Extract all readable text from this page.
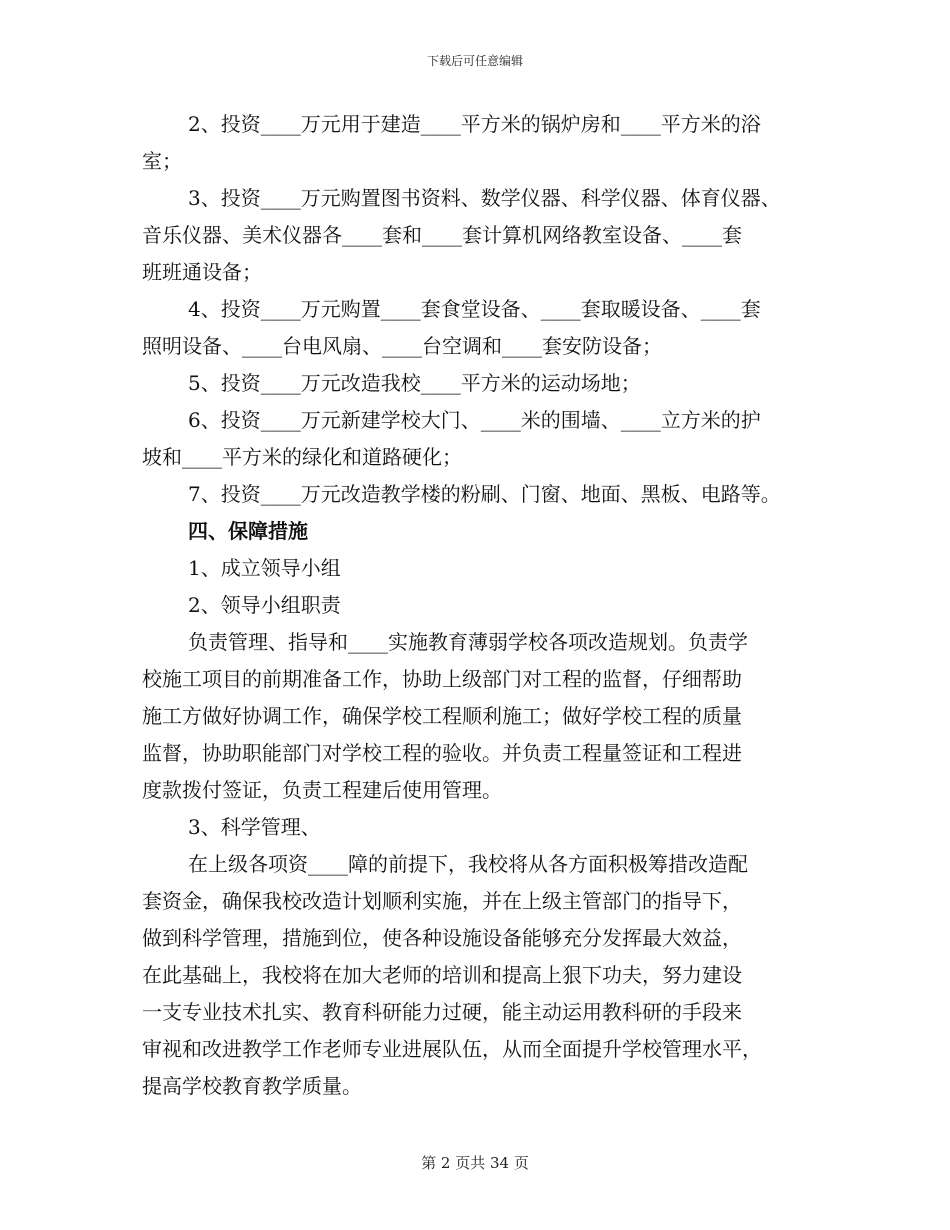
下载后可任意编辑

2、投资____万元用于建造____平方米的锅炉房和____平方米的浴

室；

3、投资____万元购置图书资料、数学仪器、科学仪器、体育仪器、

音乐仪器、美术仪器各____套和____套计算机网络教室设备、____套

班班通设备；

4、投资____万元购置____套食堂设备、____套取暖设备、____套

照明设备、____台电风扇、____台空调和____套安防设备；

5、投资____万元改造我校____平方米的运动场地；

6、投资____万元新建学校大门、____米的围墙、____立方米的护

坡和____平方米的绿化和道路硬化；

7、投资____万元改造教学楼的粉刷、门窗、地面、黑板、电路等。

四、保障措施

1、成立领导小组

2、领导小组职责

负责管理、指导和____实施教育薄弱学校各项改造规划。负责学

校施工项目的前期准备工作，协助上级部门对工程的监督，仔细帮助

施工方做好协调工作，确保学校工程顺利施工；做好学校工程的质量

监督，协助职能部门对学校工程的验收。并负责工程量签证和工程进

度款拨付签证，负责工程建后使用管理。

3、科学管理、

在上级各项资____障的前提下，我校将从各方面积极筹措改造配

套资金，确保我校改造计划顺利实施，并在上级主管部门的指导下，

做到科学管理，措施到位，使各种设施设备能够充分发挥最大效益，

在此基础上，我校将在加大老师的培训和提高上狠下功夫，努力建设

一支专业技术扎实、教育科研能力过硬，能主动运用教科研的手段来

审视和改进教学工作老师专业进展队伍，从而全面提升学校管理水平，

提高学校教育教学质量。

第 2 页共 34 页
